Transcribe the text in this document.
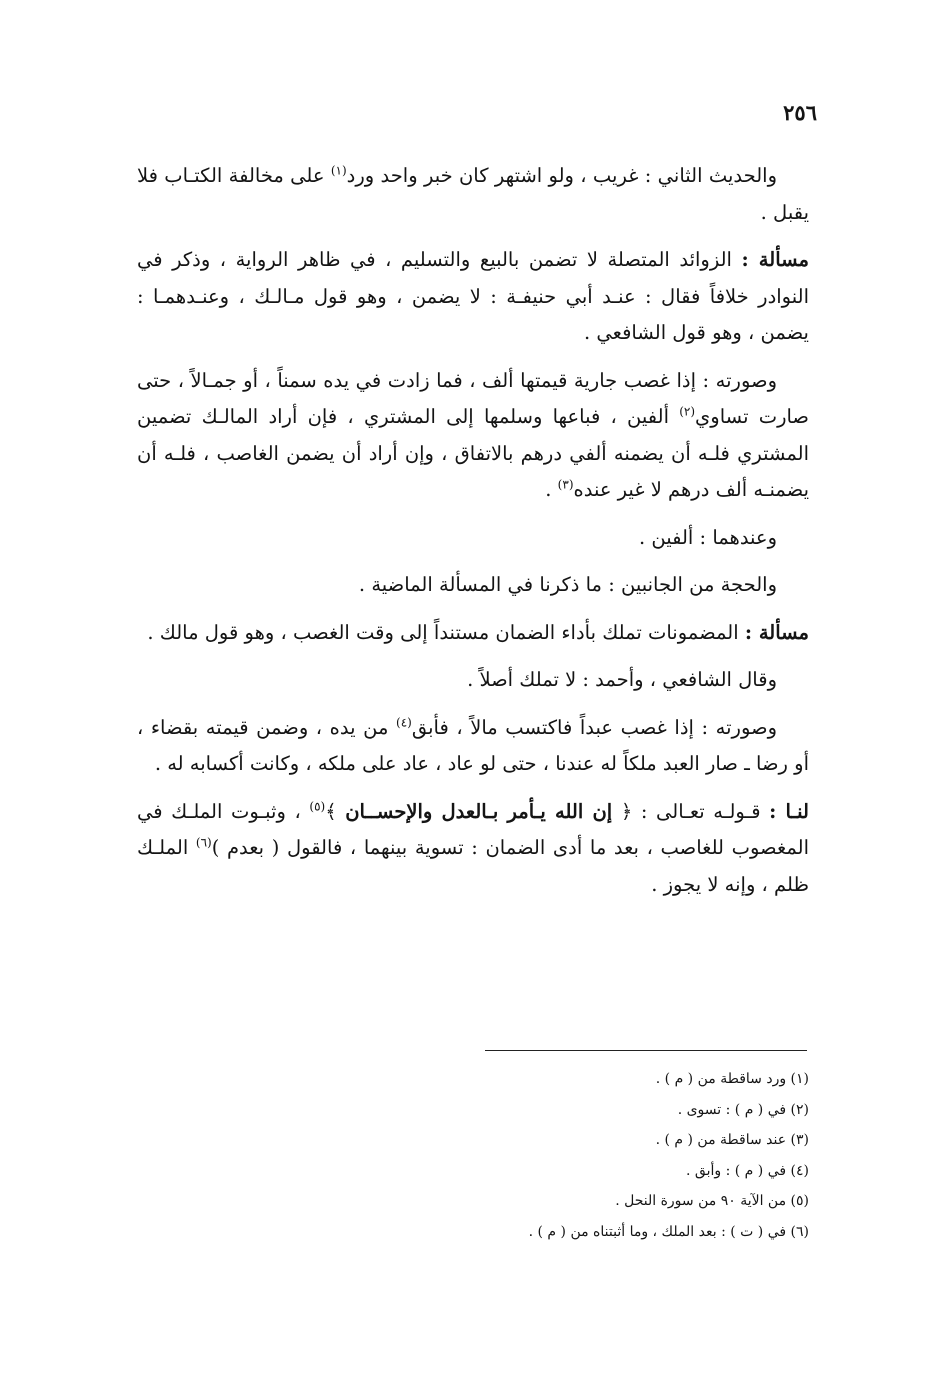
٢٥٦

والحديث الثاني : غريب ، ولو اشتهر كان خبر واحد ورد$^{(١)}$ على مخالفة الكتـاب فلا يقبل .

مسألة : الزوائد المتصلة لا تضمن بالبيع والتسليم ، في ظاهر الرواية ، وذكر في النوادر خلافاً فقال : عنـد أبي حنيفـة : لا يضمن ، وهو قول مـالـك ، وعنـدهمـا : يضمن ، وهو قول الشافعي .

وصورته : إذا غصب جارية قيمتها ألف ، فما زادت في يده سمناً ، أو جمـالاً ، حتى صارت تساوي$^{(٢)}$ ألفين ، فباعها وسلمها إلى المشتري ، فإن أراد المالـك تضمين المشتري فلـه أن يضمنه ألفي درهم بالاتفاق ، وإن أراد أن يضمن الغاصب ، فلـه أن يضمنـه ألف درهم لا غير عنده$^{(٣)}$ .

وعندهما : ألفين .

والحجة من الجانبين : ما ذكرنا في المسألة الماضية .

مسألة : المضمونات تملك بأداء الضمان مستنداً إلى وقت الغصب ، وهو قول مالك .

وقال الشافعي ، وأحمد : لا تملك أصلاً .

وصورته : إذا غصب عبداً فاكتسب مالاً ، فأبق$^{(٤)}$ من يده ، وضمن قيمته بقضاء ، أو رضا ـ صار العبد ملكاً له عندنا ، حتى لو عاد ، عاد على ملكه ، وكانت أكسابه له .

لنـا : قـولـه تعـالى : ﴿ إن الله يـأمر بـالعدل والإحســان ﴾$^{(٥)}$ ، وثبـوت الملـك في المغصوب للغاصب ، بعد ما أدى الضمان : تسوية بينهما ، فالقول ( بعدم )$^{(٦)}$ الملـك ظلم ، وإنه لا يجوز .

(١) ورد ساقطة من ( م ) .
(٢) في ( م ) : تسوى .
(٣) عند ساقطة من ( م ) .
(٤) في ( م ) : وأبق .
(٥) من الآية ٩٠ من سورة النحل .
(٦) في ( ت ) : بعد الملك ، وما أثبتناه من ( م ) .
